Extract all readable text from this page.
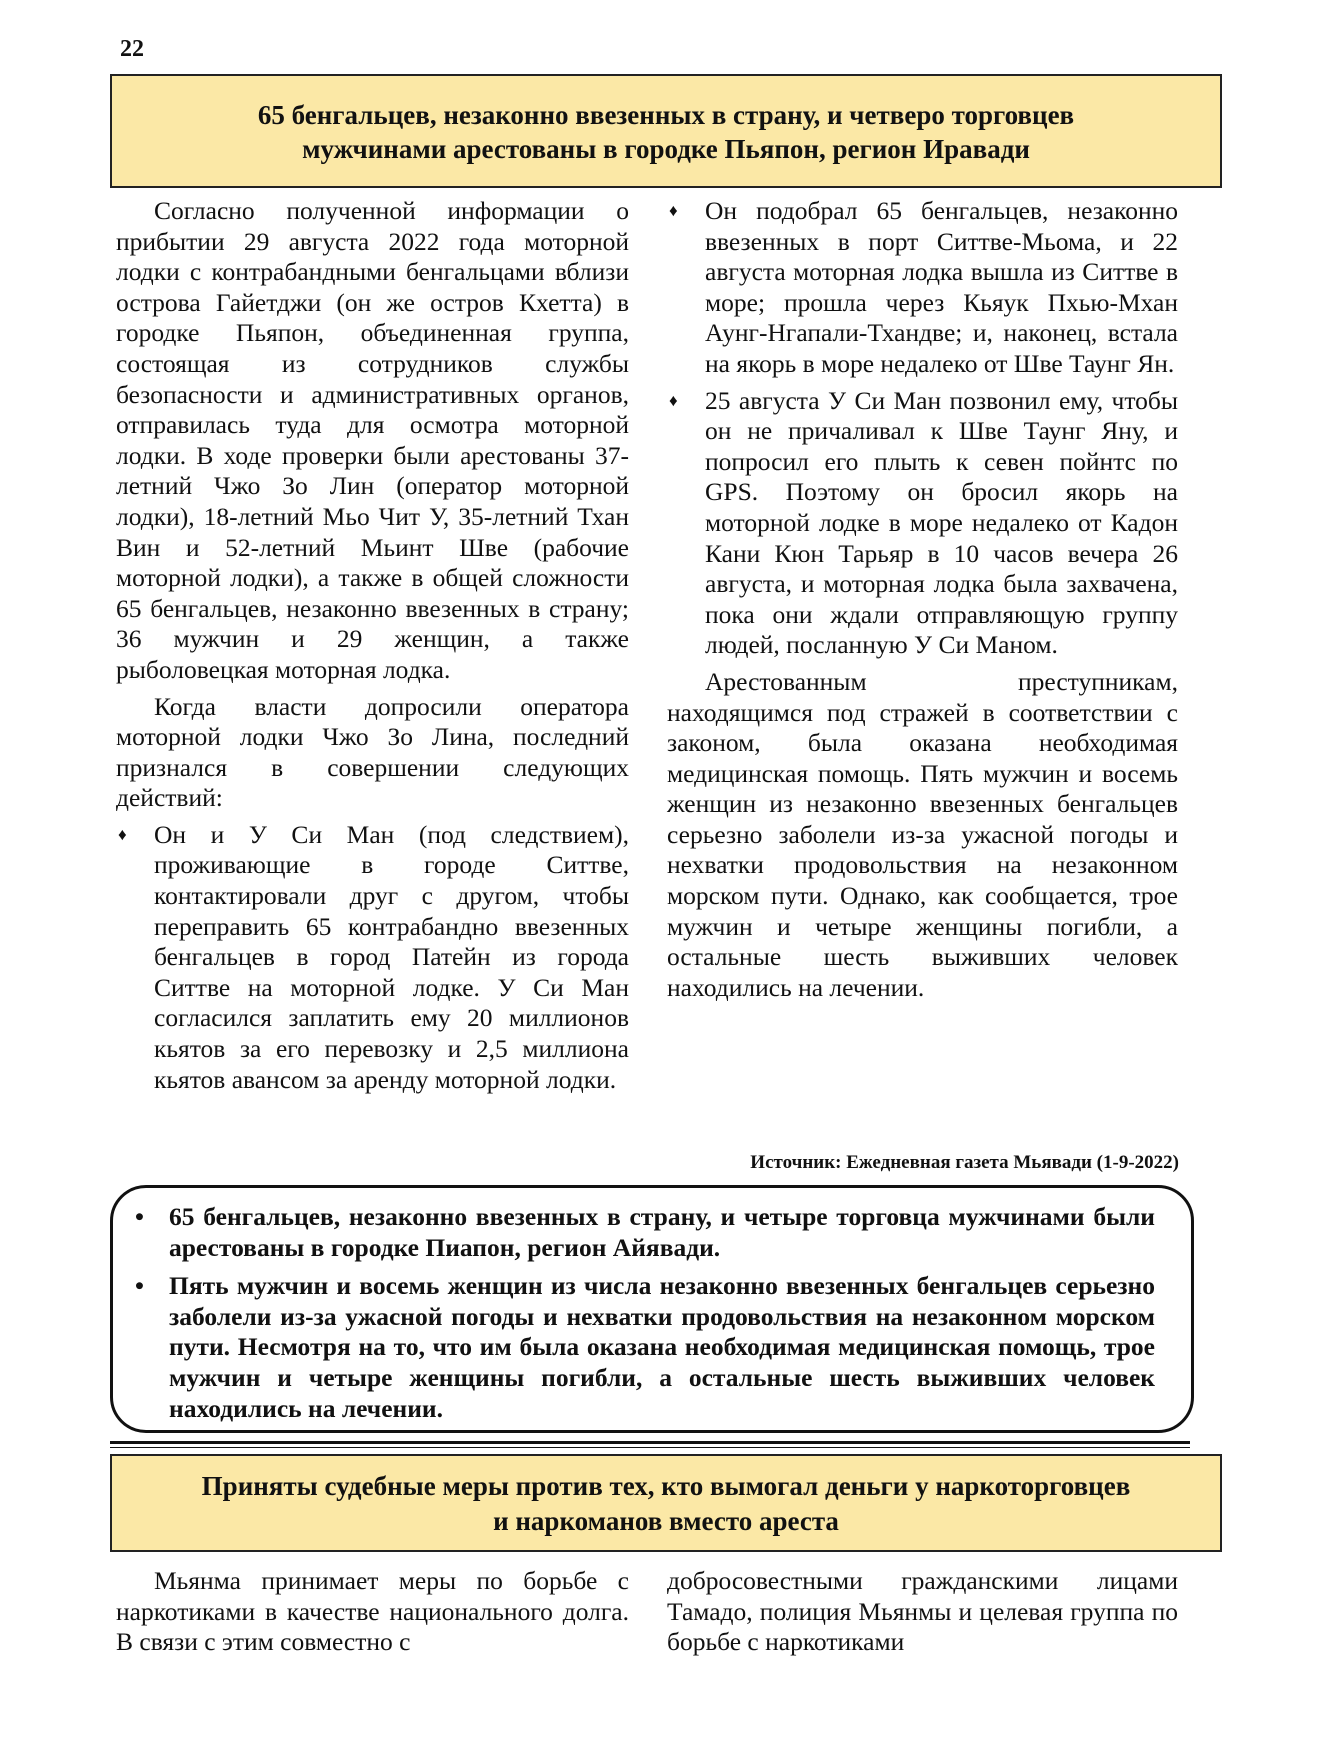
22
65 бенгальцев, незаконно ввезенных в страну, и четверо торговцев
мужчинами арестованы в городке Пьяпон, регион Иравади

Согласно полученной информации о прибытии 29 августа 2022 года моторной лодки с контрабандными бенгальцами вблизи острова Гайетджи (он же остров Кхетта) в городке Пьяпон, объединенная группа, состоящая из сотрудников службы безопасности и административных органов, отправилась туда для осмотра моторной лодки. В ходе проверки были арестованы 37-летний Чжо Зо Лин (оператор моторной лодки), 18-летний Мьо Чит У, 35-летний Тхан Вин и 52-летний Мьинт Шве (рабочие моторной лодки), а также в общей сложности 65 бенгальцев, незаконно ввезенных в страну; 36 мужчин и 29 женщин, а также рыболовецкая моторная лодка.

Когда власти допросили оператора моторной лодки Чжо Зо Лина, последний признался в совершении следующих действий:

♦ Он и У Си Ман (под следствием), проживающие в городе Ситтве, контактировали друг с другом, чтобы переправить 65 контрабандно ввезенных бенгальцев в город Патейн из города Ситтве на моторной лодке. У Си Ман согласился заплатить ему 20 миллионов кьятов за его перевозку и 2,5 миллиона кьятов авансом за аренду моторной лодки.
♦ Он подобрал 65 бенгальцев, незаконно ввезенных в порт Ситтве-Мьома, и 22 августа моторная лодка вышла из Ситтве в море; прошла через Кьяук Пхью-Мхан Аунг-Нгапали-Тхандве; и, наконец, встала на якорь в море недалеко от Шве Таунг Ян.
♦ 25 августа У Си Ман позвонил ему, чтобы он не причаливал к Шве Таунг Яну, и попросил его плыть к севен пойнтс по GPS. Поэтому он бросил якорь на моторной лодке в море недалеко от Кадон Кани Кюн Тарьяр в 10 часов вечера 26 августа, и моторная лодка была захвачена, пока они ждали отправляющую группу людей, посланную У Си Маном.

Арестованным преступникам, находящимся под стражей в соответствии с законом, была оказана необходимая медицинская помощь. Пять мужчин и восемь женщин из незаконно ввезенных бенгальцев серьезно заболели из-за ужасной погоды и нехватки продовольствия на незаконном морском пути. Однако, как сообщается, трое мужчин и четыре женщины погибли, а остальные шесть выживших человек находились на лечении.

Источник: Ежедневная газета Мьявади (1-9-2022)
• 65 бенгальцев, незаконно ввезенных в страну, и четыре торговца мужчинами были арестованы в городке Пиапон, регион Айявади.
• Пять мужчин и восемь женщин из числа незаконно ввезенных бенгальцев серьезно заболели из-за ужасной погоды и нехватки продовольствия на незаконном морском пути. Несмотря на то, что им была оказана необходимая медицинская помощь, трое мужчин и четыре женщины погибли, а остальные шесть выживших человек находились на лечении.
Приняты судебные меры против тех, кто вымогал деньги у наркоторговцев
и наркоманов вместо ареста

Мьянма принимает меры по борьбе с наркотиками в качестве национального долга. В связи с этим совместно с

добросовестными гражданскими лицами Тамадо, полиция Мьянмы и целевая группа по борьбе с наркотиками
